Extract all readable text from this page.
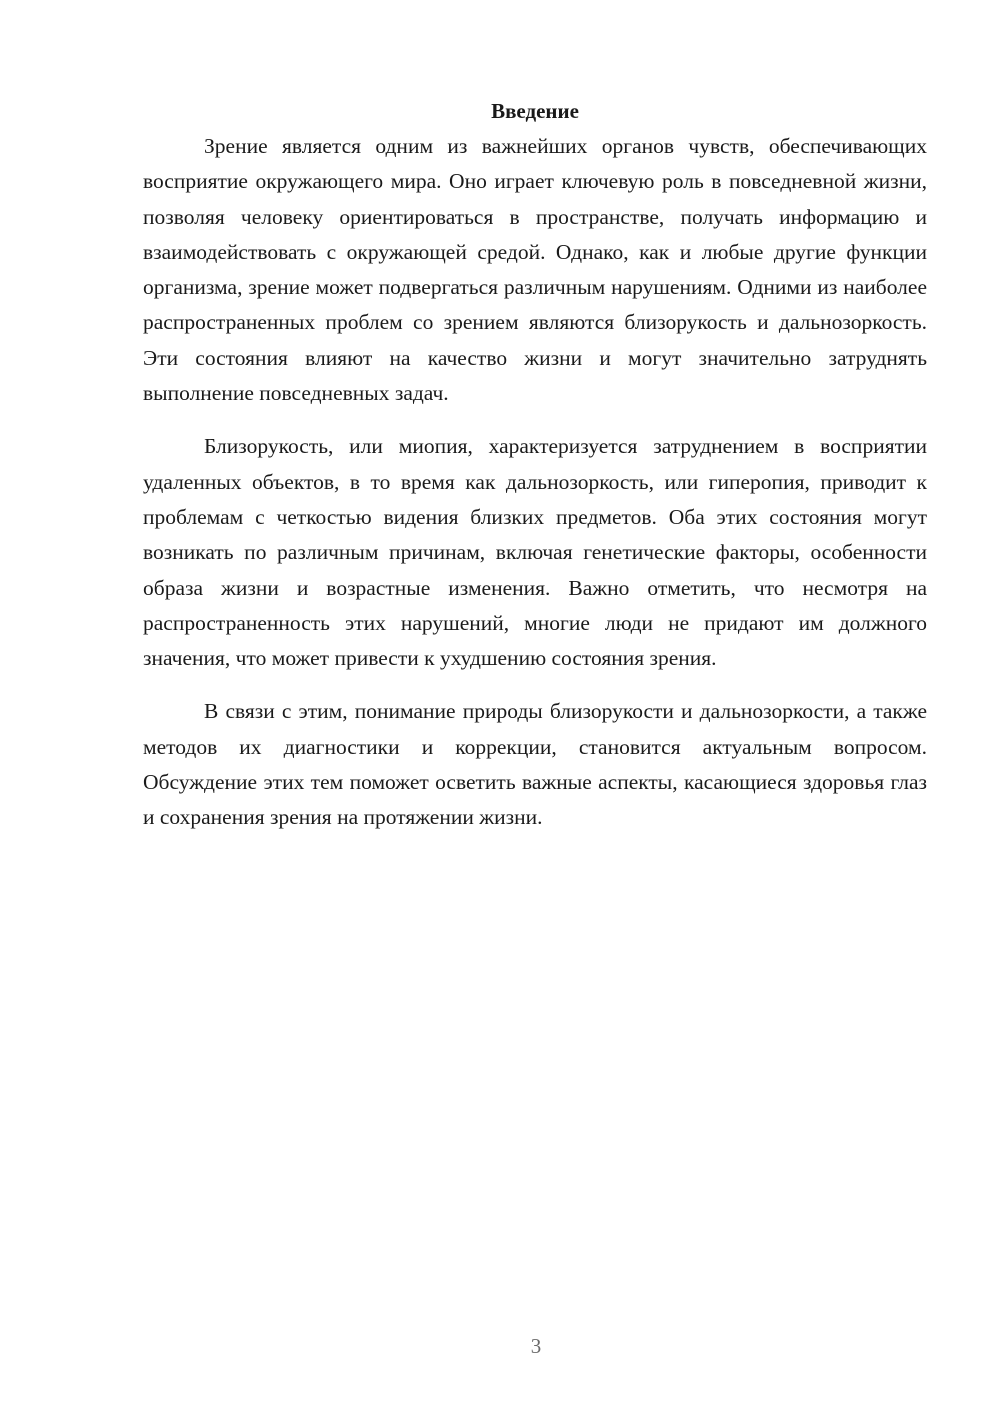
Введение

Зрение является одним из важнейших органов чувств, обеспечивающих восприятие окружающего мира. Оно играет ключевую роль в повседневной жизни, позволяя человеку ориентироваться в пространстве, получать информацию и взаимодействовать с окружающей средой. Однако, как и любые другие функции организма, зрение может подвергаться различным нарушениям. Одними из наиболее распространенных проблем со зрением являются близорукость и дальнозоркость. Эти состояния влияют на качество жизни и могут значительно затруднять выполнение повседневных задач.

Близорукость, или миопия, характеризуется затруднением в восприятии удаленных объектов, в то время как дальнозоркость, или гиперопия, приводит к проблемам с четкостью видения близких предметов. Оба этих состояния могут возникать по различным причинам, включая генетические факторы, особенности образа жизни и возрастные изменения. Важно отметить, что несмотря на распространенность этих нарушений, многие люди не придают им должного значения, что может привести к ухудшению состояния зрения.

В связи с этим, понимание природы близорукости и дальнозоркости, а также методов их диагностики и коррекции, становится актуальным вопросом. Обсуждение этих тем поможет осветить важные аспекты, касающиеся здоровья глаз и сохранения зрения на протяжении жизни.

3
